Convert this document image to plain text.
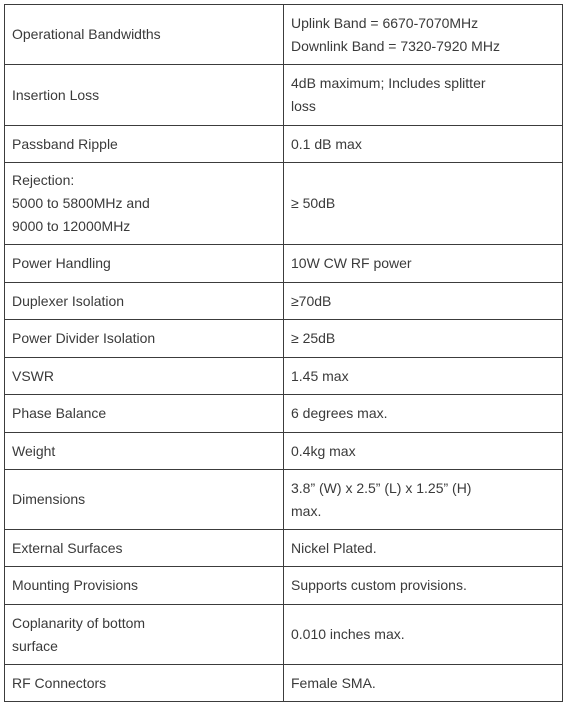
Operational Bandwidths	Uplink Band = 6670-7070MHz
Downlink Band = 7320-7920 MHz
Insertion Loss	4dB maximum; Includes splitter
loss
Passband Ripple	0.1 dB max
Rejection:
5000 to 5800MHz and
9000 to 12000MHz	≥ 50dB
Power Handling	10W CW RF power
Duplexer Isolation	≥70dB
Power Divider Isolation	≥ 25dB
VSWR	1.45 max
Phase Balance	6 degrees max.
Weight	0.4kg max
Dimensions	3.8” (W) x 2.5” (L) x 1.25” (H)
max.
External Surfaces	Nickel Plated.
Mounting Provisions	Supports custom provisions.
Coplanarity of bottom
surface	0.010 inches max.
RF Connectors	Female SMA.
